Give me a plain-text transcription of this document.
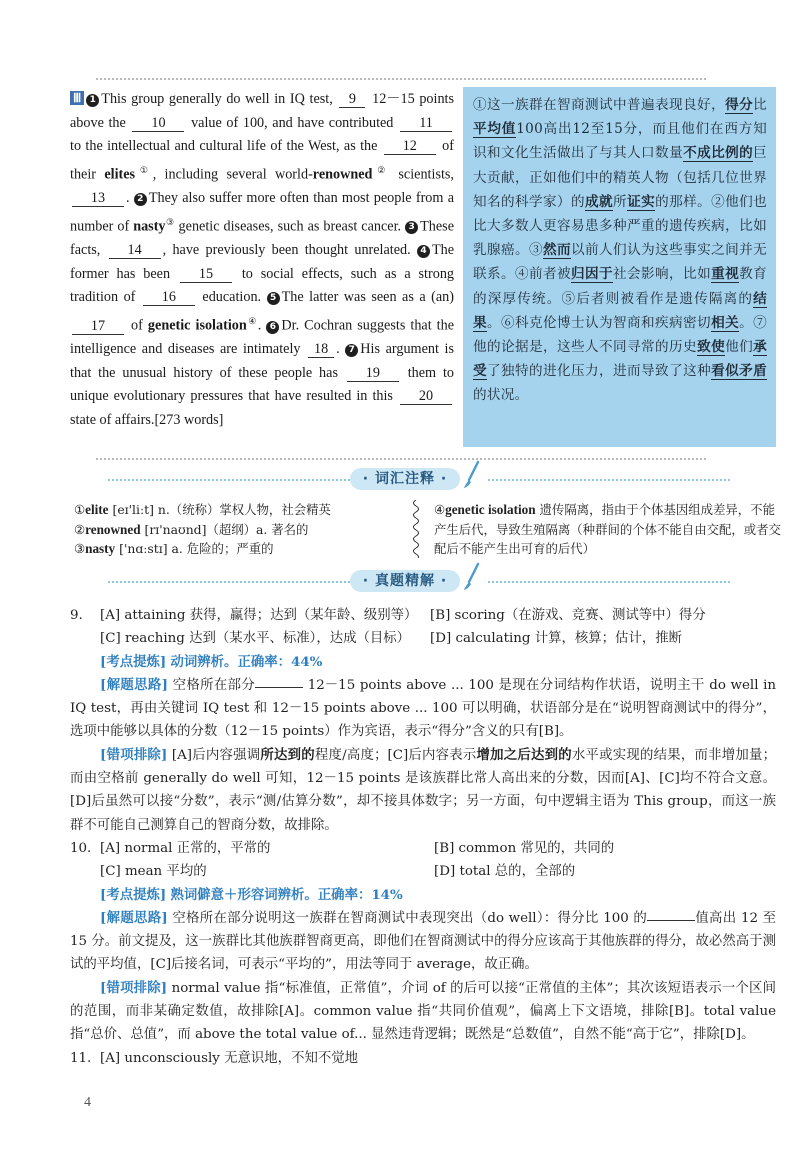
Ⅲ 1 This group generally do well in IQ test, 9 12－15 points above the 10 value of 100, and have contributed 11 to the intellectual and cultural life of the West, as the 12 of their elites①, including several world-renowned② scientists, 13 . 2 They also suffer more often than most people from a number of nasty③ genetic diseases, such as breast cancer. 3 These facts, 14 , have previously been thought unrelated. 4 The former has been 15 to social effects, such as a strong tradition of 16 education. 5 The latter was seen as a (an) 17 of genetic isolation④. 6 Dr. Cochran suggests that the intelligence and diseases are intimately 18 . 7 His argument is that the unusual history of these people has 19 them to unique evolutionary pressures that have resulted in this 20 state of affairs.[273 words]

①这一族群在智商测试中普遍表现良好，得分比平均值100高出12至15分，而且他们在西方知识和文化生活做出了与其人口数量不成比例的巨大贡献，正如他们中的精英人物（包括几位世界知名的科学家）的成就所证实的那样。②他们也比大多数人更容易患多种严重的遗传疾病，比如乳腺癌。③然而以前人们认为这些事实之间并无联系。④前者被归因于社会影响，比如重视教育的深厚传统。⑤后者则被看作是遗传隔离的结果。⑥科克伦博士认为智商和疾病密切相关。⑦他的论据是，这些人不同寻常的历史致使他们承受了独特的进化压力，进而导致了这种看似矛盾的状况。

· 词汇注释 ·
①elite [eɪ'liːt] n.（统称）掌权人物，社会精英
②renowned [rɪ'naʊnd]（超纲）a. 著名的
③nasty ['nɑːstɪ] a. 危险的；严重的
④genetic isolation 遗传隔离，指由于个体基因组成差异，不能产生后代，导致生殖隔离（种群间的个体不能自由交配，或者交配后不能产生出可育的后代）
· 真题精解 ·
9. [A] attaining 获得，赢得；达到（某年龄、级别等） [B] scoring（在游戏、竞赛、测试等中）得分
[C] reaching 达到（某水平、标准），达成（目标） [D] calculating 计算，核算；估计，推断
[考点提炼] 动词辨析。正确率：44%
[解题思路] 空格所在部分	12－15 points above ... 100 是现在分词结构作状语，说明主干 do well in IQ test，再由关键词 IQ test 和 12－15 points above ... 100 可以明确，状语部分是在“说明智商测试中的得分”，选项中能够以具体的分数（12－15 points）作为宾语，表示“得分”含义的只有[B]。
[错项排除] [A]后内容强调所达到的程度/高度；[C]后内容表示增加之后达到的水平或实现的结果，而非增加量；而由空格前 generally do well 可知，12－15 points 是该族群比常人高出来的分数，因而[A]、[C]均不符合文意。[D]后虽然可以接“分数”，表示“测/估算分数”，却不接具体数字；另一方面，句中逻辑主语为 This group，而这一族群不可能自己测算自己的智商分数，故排除。
10. [A] normal 正常的，平常的	[B] common 常见的，共同的
[C] mean 平均的	[D] total 总的，全部的
[考点提炼] 熟词僻意＋形容词辨析。正确率：14%
[解题思路] 空格所在部分说明这一族群在智商测试中表现突出（do well）：得分比 100 的	值高出 12 至 15 分。前文提及，这一族群比其他族群智商更高，即他们在智商测试中的得分应该高于其他族群的得分，故必然高于测试的平均值，[C]后接名词，可表示“平均的”，用法等同于 average，故正确。
[错项排除] normal value 指“标准值，正常值”，介词 of 的后可以接“正常值的主体”；其次该短语表示一个区间的范围，而非某确定数值，故排除[A]。common value 指“共同价值观”，偏离上下文语境，排除[B]。total value 指“总价、总值”，而 above the total value of... 显然违背逻辑；既然是“总数值”，自然不能“高于它”，排除[D]。
11. [A] unconsciously 无意识地，不知不觉地
4
